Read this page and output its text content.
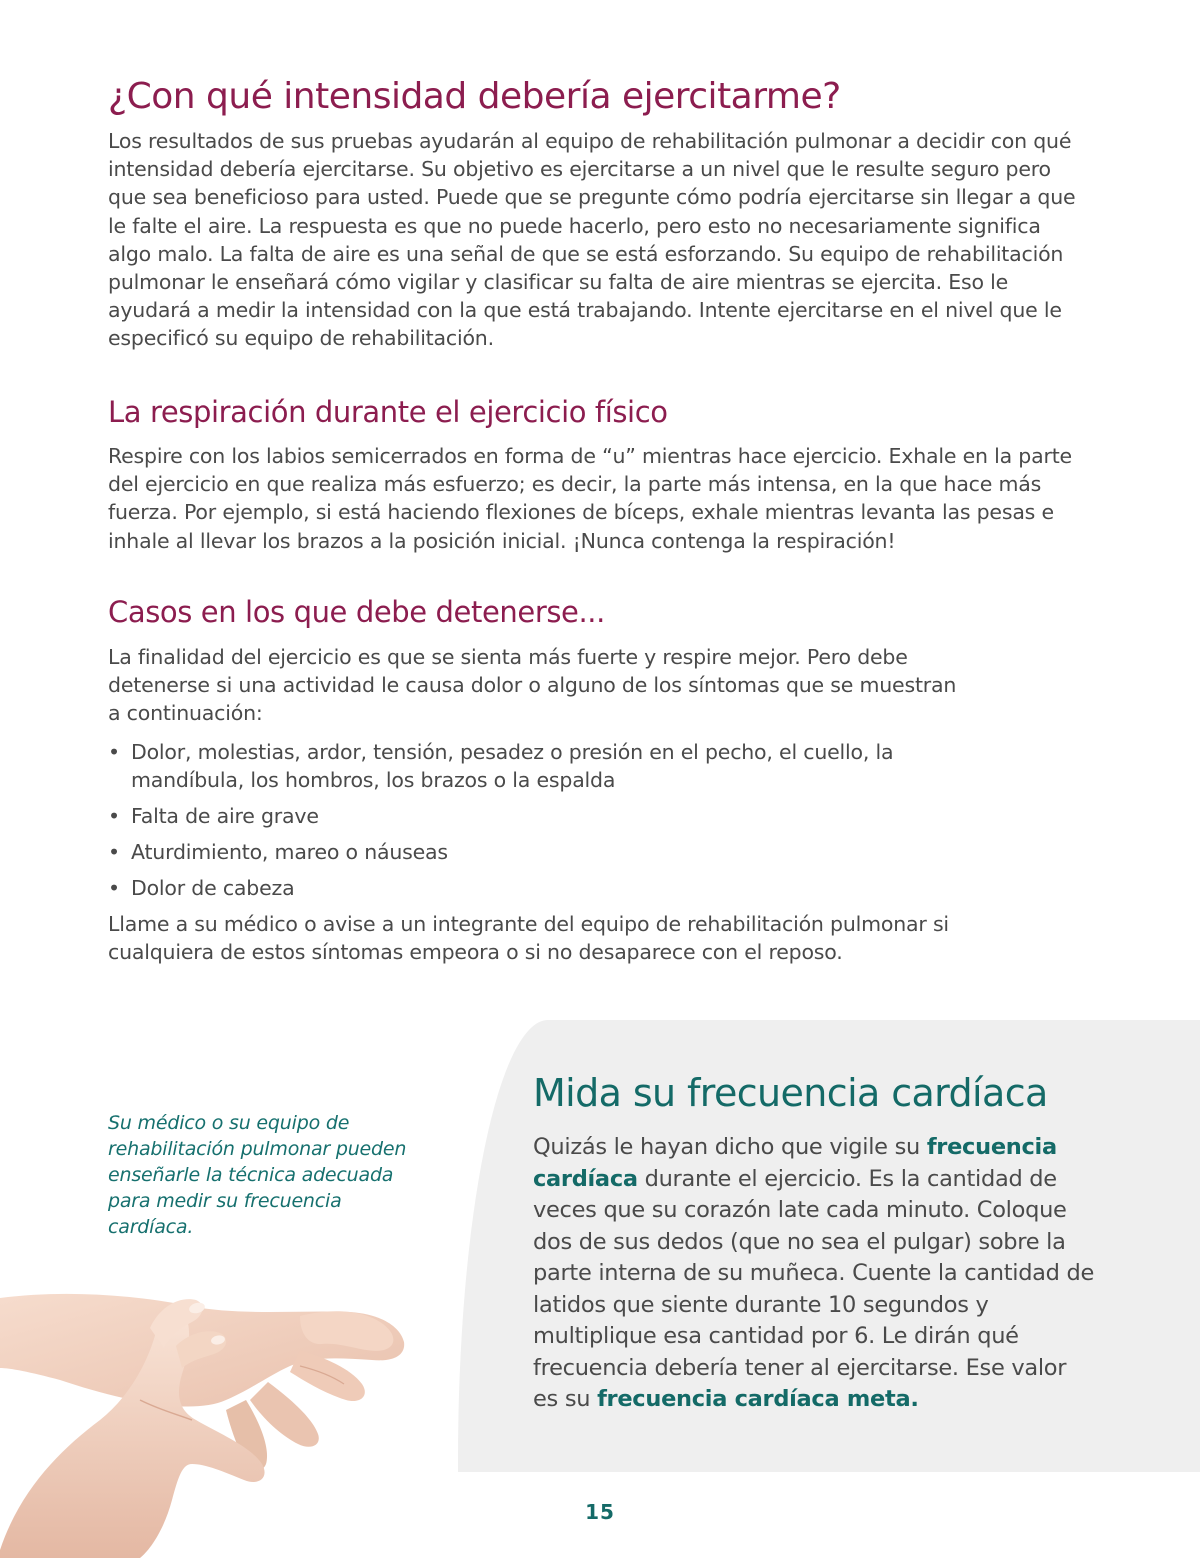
¿Con qué intensidad debería ejercitarme?

Los resultados de sus pruebas ayudarán al equipo de rehabilitación pulmonar a decidir con qué intensidad debería ejercitarse. Su objetivo es ejercitarse a un nivel que le resulte seguro pero que sea beneficioso para usted. Puede que se pregunte cómo podría ejercitarse sin llegar a que le falte el aire. La respuesta es que no puede hacerlo, pero esto no necesariamente significa algo malo. La falta de aire es una señal de que se está esforzando. Su equipo de rehabilitación pulmonar le enseñará cómo vigilar y clasificar su falta de aire mientras se ejercita. Eso le ayudará a medir la intensidad con la que está trabajando. Intente ejercitarse en el nivel que le especificó su equipo de rehabilitación.

La respiración durante el ejercicio físico

Respire con los labios semicerrados en forma de “u” mientras hace ejercicio. Exhale en la parte del ejercicio en que realiza más esfuerzo; es decir, la parte más intensa, en la que hace más fuerza. Por ejemplo, si está haciendo flexiones de bíceps, exhale mientras levanta las pesas e inhale al llevar los brazos a la posición inicial. ¡Nunca contenga la respiración!

Casos en los que debe detenerse...

La finalidad del ejercicio es que se sienta más fuerte y respire mejor. Pero debe detenerse si una actividad le causa dolor o alguno de los síntomas que se muestran a continuación:

• Dolor, molestias, ardor, tensión, pesadez o presión en el pecho, el cuello, la mandíbula, los hombros, los brazos o la espalda
• Falta de aire grave
• Aturdimiento, mareo o náuseas
• Dolor de cabeza

Llame a su médico o avise a un integrante del equipo de rehabilitación pulmonar si cualquiera de estos síntomas empeora o si no desaparece con el reposo.

Su médico o su equipo de rehabilitación pulmonar pueden enseñarle la técnica adecuada para medir su frecuencia cardíaca.

Mida su frecuencia cardíaca

Quizás le hayan dicho que vigile su frecuencia cardíaca durante el ejercicio. Es la cantidad de veces que su corazón late cada minuto. Coloque dos de sus dedos (que no sea el pulgar) sobre la parte interna de su muñeca. Cuente la cantidad de latidos que siente durante 10 segundos y multiplique esa cantidad por 6. Le dirán qué frecuencia debería tener al ejercitarse. Ese valor es su frecuencia cardíaca meta.

15
